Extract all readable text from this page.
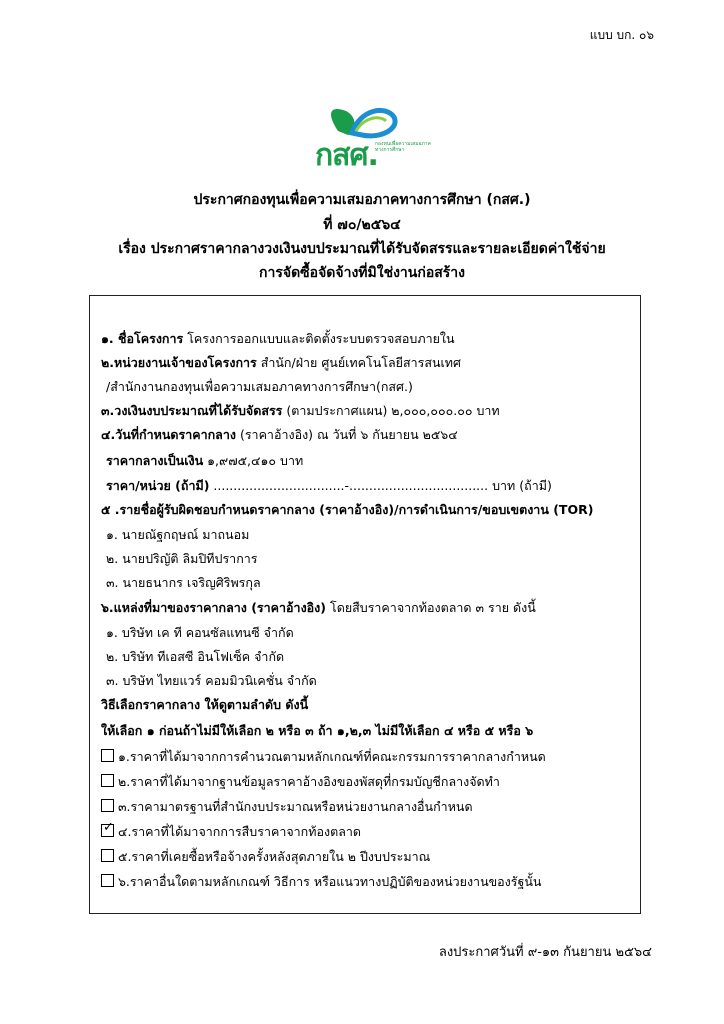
แบบ บก. ๐๖
กสศ.
กองทุนเพื่อความเสมอภาคทางการศึกษา
ประกาศกองทุนเพื่อความเสมอภาคทางการศึกษา (กสศ.)
ที่ ๗๐/๒๕๖๔
เรื่อง ประกาศราคากลางวงเงินงบประมาณที่ได้รับจัดสรรและรายละเอียดค่าใช้จ่าย
การจัดซื้อจัดจ้างที่มิใช่งานก่อสร้าง
๑. ชื่อโครงการ โครงการออกแบบและติดตั้งระบบตรวจสอบภายใน
๒.หน่วยงานเจ้าของโครงการ สำนัก/ฝ่าย ศูนย์เทคโนโลยีสารสนเทศ
/สำนักงานกองทุนเพื่อความเสมอภาคทางการศึกษา(กสศ.)
๓.วงเงินงบประมาณที่ได้รับจัดสรร (ตามประกาศแผน) ๒,๐๐๐,๐๐๐.๐๐ บาท
๔.วันที่กำหนดราคากลาง (ราคาอ้างอิง) ณ วันที่ ๖ กันยายน ๒๕๖๔
ราคากลางเป็นเงิน ๑,๙๗๕,๔๑๐ บาท
ราคา/หน่วย (ถ้ามี) .................................-................................... บาท (ถ้ามี)
๕ .รายชื่อผู้รับผิดชอบกำหนดราคากลาง (ราคาอ้างอิง)/การดำเนินการ/ขอบเขตงาน (TOR)
๑. นายณัฐกฤษณ์ มาถนอม
๒. นายปริญัติ ลิมปิทีปราการ
๓. นายธนากร เจริญศิริพรกุล
๖.แหล่งที่มาของราคากลาง (ราคาอ้างอิง) โดยสืบราคาจากท้องตลาด ๓ ราย ดังนี้
๑. บริษัท เค ที คอนซัลแทนซี จำกัด
๒. บริษัท ทีเอสซี อินโฟเซ็ค จำกัด
๓. บริษัท ไทยแวร์ คอมมิวนิเคชั่น จำกัด
วิธีเลือกราคากลาง ให้ดูตามลำดับ ดังนี้
ให้เลือก ๑ ก่อนถ้าไม่มีให้เลือก ๒ หรือ ๓ ถ้า ๑,๒,๓ ไม่มีให้เลือก ๔ หรือ ๕ หรือ ๖
๑.ราคาที่ได้มาจากการคำนวณตามหลักเกณฑ์ที่คณะกรรมการราคากลางกำหนด
๒.ราคาที่ได้มาจากฐานข้อมูลราคาอ้างอิงของพัสดุที่กรมบัญชีกลางจัดทำ
๓.ราคามาตรฐานที่สำนักงบประมาณหรือหน่วยงานกลางอื่นกำหนด
✓ ๔.ราคาที่ได้มาจากการสืบราคาจากท้องตลาด
๕.ราคาที่เคยซื้อหรือจ้างครั้งหลังสุดภายใน ๒ ปีงบประมาณ
๖.ราคาอื่นใดตามหลักเกณฑ์ วิธีการ หรือแนวทางปฏิบัติของหน่วยงานของรัฐนั้น
ลงประกาศวันที่ ๙-๑๓ กันยายน ๒๕๖๔
